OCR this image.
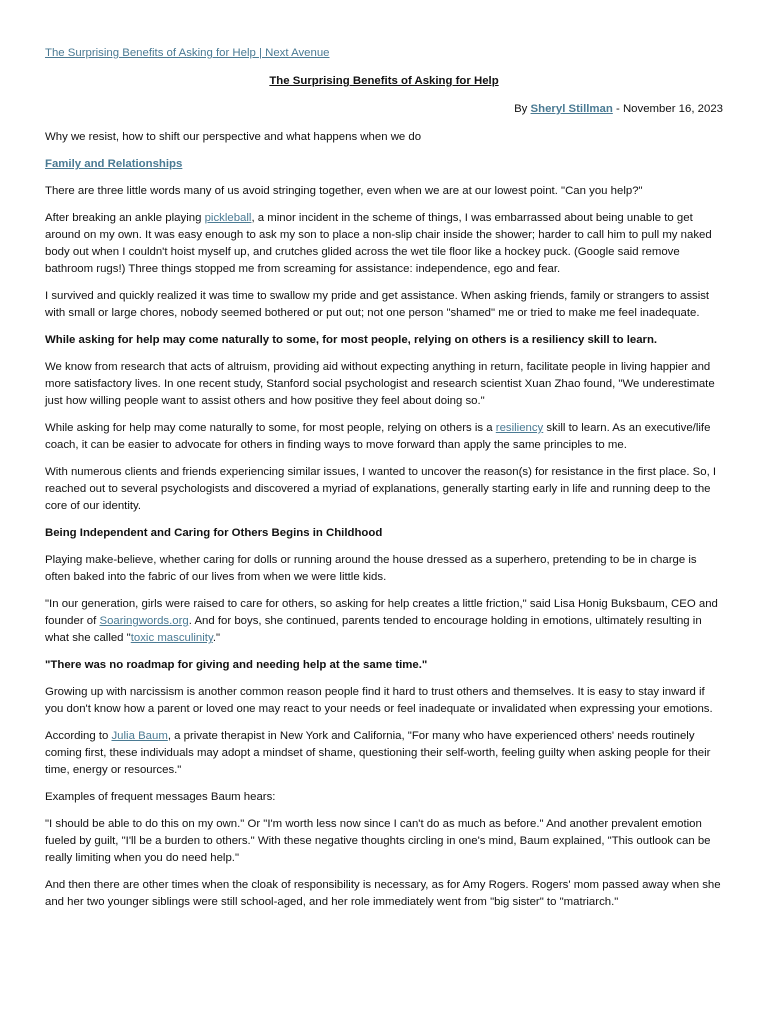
The Surprising Benefits of Asking for Help | Next Avenue

The Surprising Benefits of Asking for Help

By Sheryl Stillman - November 16, 2023

Why we resist, how to shift our perspective and what happens when we do

Family and Relationships

There are three little words many of us avoid stringing together, even when we are at our lowest point. "Can you help?"

After breaking an ankle playing pickleball, a minor incident in the scheme of things, I was embarrassed about being unable to get around on my own. It was easy enough to ask my son to place a non-slip chair inside the shower; harder to call him to pull my naked body out when I couldn't hoist myself up, and crutches glided across the wet tile floor like a hockey puck. (Google said remove bathroom rugs!) Three things stopped me from screaming for assistance: independence, ego and fear.

I survived and quickly realized it was time to swallow my pride and get assistance. When asking friends, family or strangers to assist with small or large chores, nobody seemed bothered or put out; not one person "shamed" me or tried to make me feel inadequate.

While asking for help may come naturally to some, for most people, relying on others is a resiliency skill to learn.

We know from research that acts of altruism, providing aid without expecting anything in return, facilitate people in living happier and more satisfactory lives. In one recent study, Stanford social psychologist and research scientist Xuan Zhao found, "We underestimate just how willing people want to assist others and how positive they feel about doing so."

While asking for help may come naturally to some, for most people, relying on others is a resiliency skill to learn. As an executive/life coach, it can be easier to advocate for others in finding ways to move forward than apply the same principles to me.

With numerous clients and friends experiencing similar issues, I wanted to uncover the reason(s) for resistance in the first place. So, I reached out to several psychologists and discovered a myriad of explanations, generally starting early in life and running deep to the core of our identity.

Being Independent and Caring for Others Begins in Childhood

Playing make-believe, whether caring for dolls or running around the house dressed as a superhero, pretending to be in charge is often baked into the fabric of our lives from when we were little kids.

"In our generation, girls were raised to care for others, so asking for help creates a little friction," said Lisa Honig Buksbaum, CEO and founder of Soaringwords.org. And for boys, she continued, parents tended to encourage holding in emotions, ultimately resulting in what she called "toxic masculinity."

"There was no roadmap for giving and needing help at the same time."

Growing up with narcissism is another common reason people find it hard to trust others and themselves. It is easy to stay inward if you don't know how a parent or loved one may react to your needs or feel inadequate or invalidated when expressing your emotions.

According to Julia Baum, a private therapist in New York and California, "For many who have experienced others' needs routinely coming first, these individuals may adopt a mindset of shame, questioning their self-worth, feeling guilty when asking people for their time, energy or resources."

Examples of frequent messages Baum hears:

"I should be able to do this on my own." Or "I'm worth less now since I can't do as much as before." And another prevalent emotion fueled by guilt, "I'll be a burden to others." With these negative thoughts circling in one's mind, Baum explained, "This outlook can be really limiting when you do need help."

And then there are other times when the cloak of responsibility is necessary, as for Amy Rogers. Rogers' mom passed away when she and her two younger siblings were still school-aged, and her role immediately went from "big sister" to "matriarch."
